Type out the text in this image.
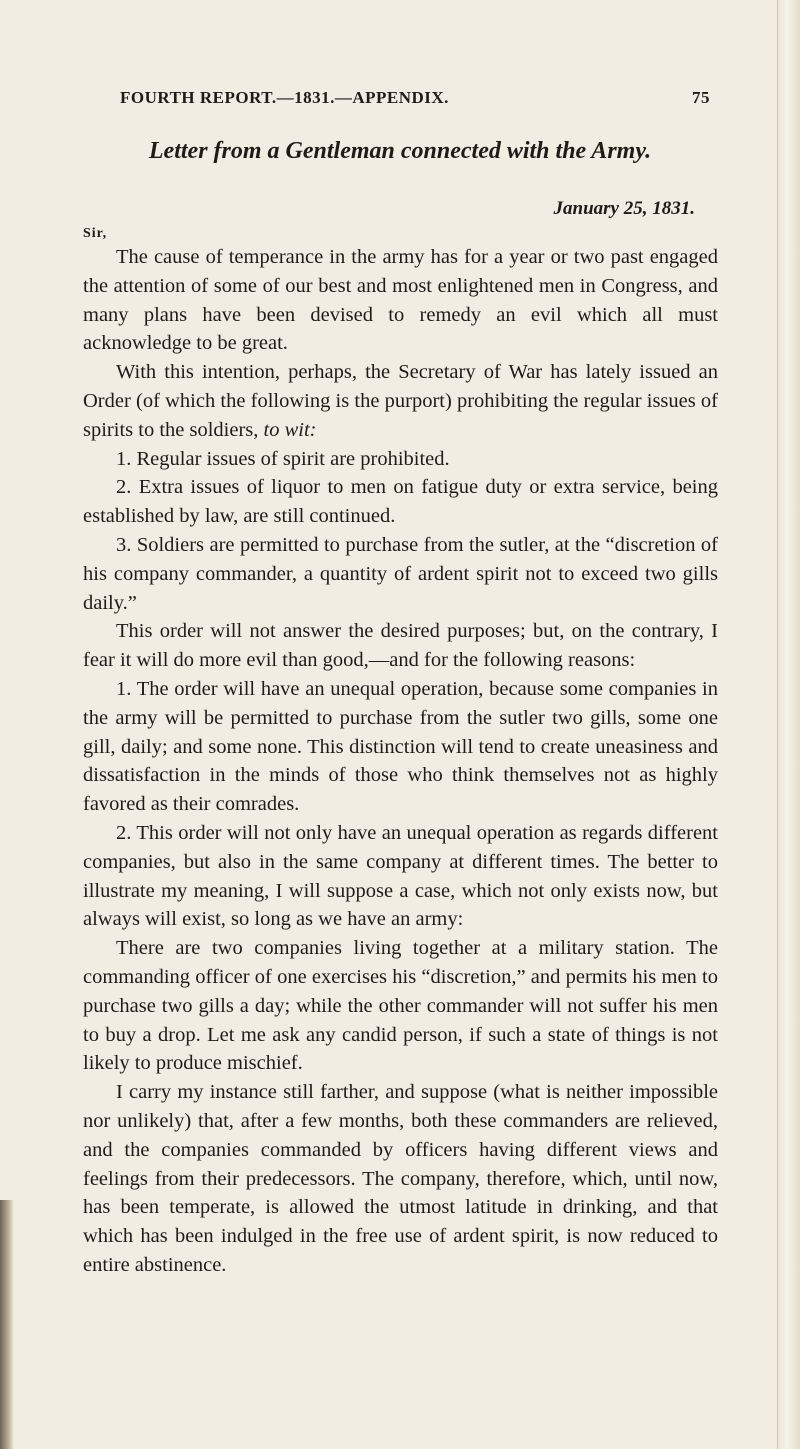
FOURTH REPORT.—1831.—APPENDIX.	75
Letter from a Gentleman connected with the Army.
January 25, 1831.
Sir,

The cause of temperance in the army has for a year or two past engaged the attention of some of our best and most enlightened men in Congress, and many plans have been devised to remedy an evil which all must acknowledge to be great.

With this intention, perhaps, the Secretary of War has lately issued an Order (of which the following is the purport) prohibiting the regular issues of spirits to the soldiers, to wit:

1. Regular issues of spirit are prohibited.

2. Extra issues of liquor to men on fatigue duty or extra service, being established by law, are still continued.

3. Soldiers are permitted to purchase from the sutler, at the “discretion of his company commander, a quantity of ardent spirit not to exceed two gills daily.”

This order will not answer the desired purposes; but, on the contrary, I fear it will do more evil than good,—and for the following reasons:

1. The order will have an unequal operation, because some companies in the army will be permitted to purchase from the sutler two gills, some one gill, daily; and some none. This distinction will tend to create uneasiness and dissatisfaction in the minds of those who think themselves not as highly favored as their comrades.

2. This order will not only have an unequal operation as regards different companies, but also in the same company at different times. The better to illustrate my meaning, I will suppose a case, which not only exists now, but always will exist, so long as we have an army:

There are two companies living together at a military station. The commanding officer of one exercises his “discretion,” and permits his men to purchase two gills a day; while the other commander will not suffer his men to buy a drop. Let me ask any candid person, if such a state of things is not likely to produce mischief.

I carry my instance still farther, and suppose (what is neither impossible nor unlikely) that, after a few months, both these commanders are relieved, and the companies commanded by officers having different views and feelings from their predecessors. The company, therefore, which, until now, has been temperate, is allowed the utmost latitude in drinking, and that which has been indulged in the free use of ardent spirit, is now reduced to entire abstinence.
